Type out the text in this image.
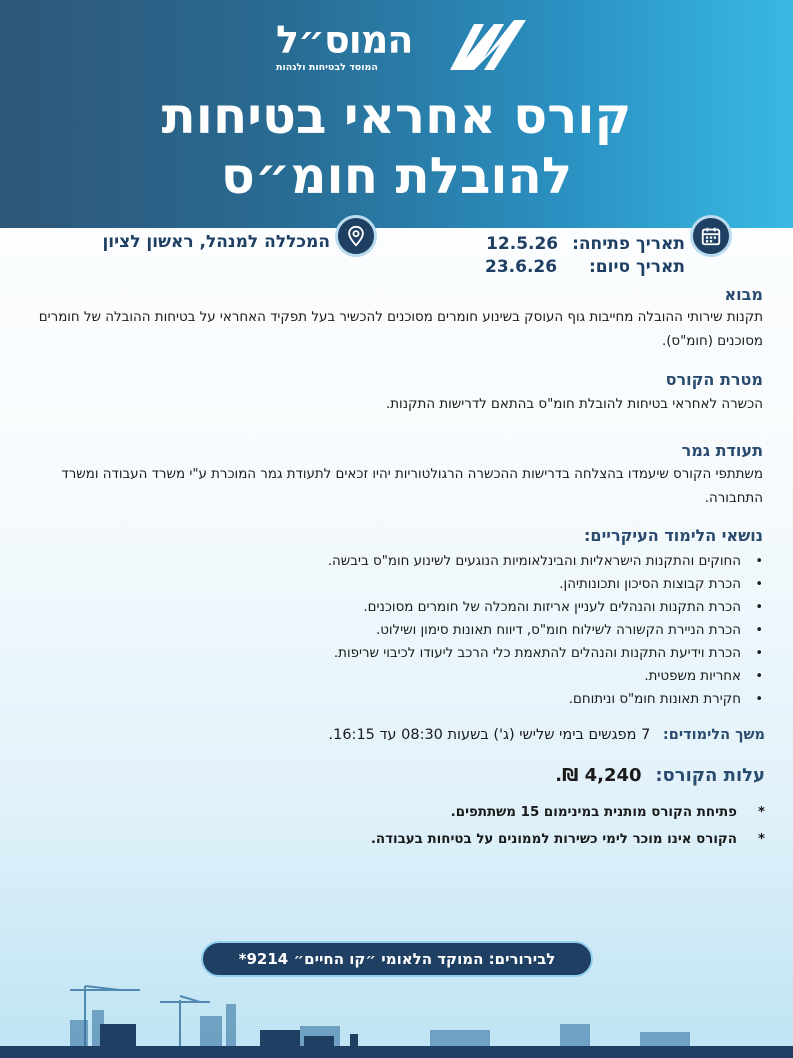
המוס״ל
המוסד לבטיחות ולגהות
קורס אחראי בטיחות
להובלת חומ״ס
המכללה למנהל, ראשון לציון	תאריך פתיחה: 12.5.26
תאריך סיום: 23.6.26
מבוא
תקנות שירותי ההובלה מחייבות גוף העוסק בשינוע חומרים מסוכנים להכשיר בעל תפקיד האחראי על בטיחות ההובלה של חומרים מסוכנים (חומ"ס).
מטרת הקורס
הכשרה לאחראי בטיחות להובלת חומ"ס בהתאם לדרישות התקנות.
תעודת גמר
משתתפי הקורס שיעמדו בהצלחה בדרישות ההכשרה הרגולטוריות יהיו זכאים לתעודת גמר המוכרת ע"י משרד העבודה ומשרד התחבורה.
נושאי הלימוד העיקריים:
• החוקים והתקנות הישראליות והבינלאומיות הנוגעים לשינוע חומ"ס ביבשה.
• הכרת קבוצות הסיכון ותכונותיהן.
• הכרת התקנות והנהלים לעניין אריזות והמכלה של חומרים מסוכנים.
• הכרת הניירת הקשורה לשילוח חומ"ס, דיווח תאונות סימון ושילוט.
• הכרת וידיעת התקנות והנהלים להתאמת כלי הרכב ליעודו לכיבוי שריפות.
• אחריות משפטית.
• חקירת תאונות חומ"ס וניתוחם.
משך הלימודים: 7 מפגשים בימי שלישי (ג') בשעות 08:30 עד 16:15.
עלות הקורס: 4,240 ₪.
*פתיחת הקורס מותנית במינימום 15 משתתפים.
*הקורס אינו מוכר לימי כשירות לממונים על בטיחות בעבודה.
לבירורים: המוקד הלאומי ״קו החיים״ 9214*
